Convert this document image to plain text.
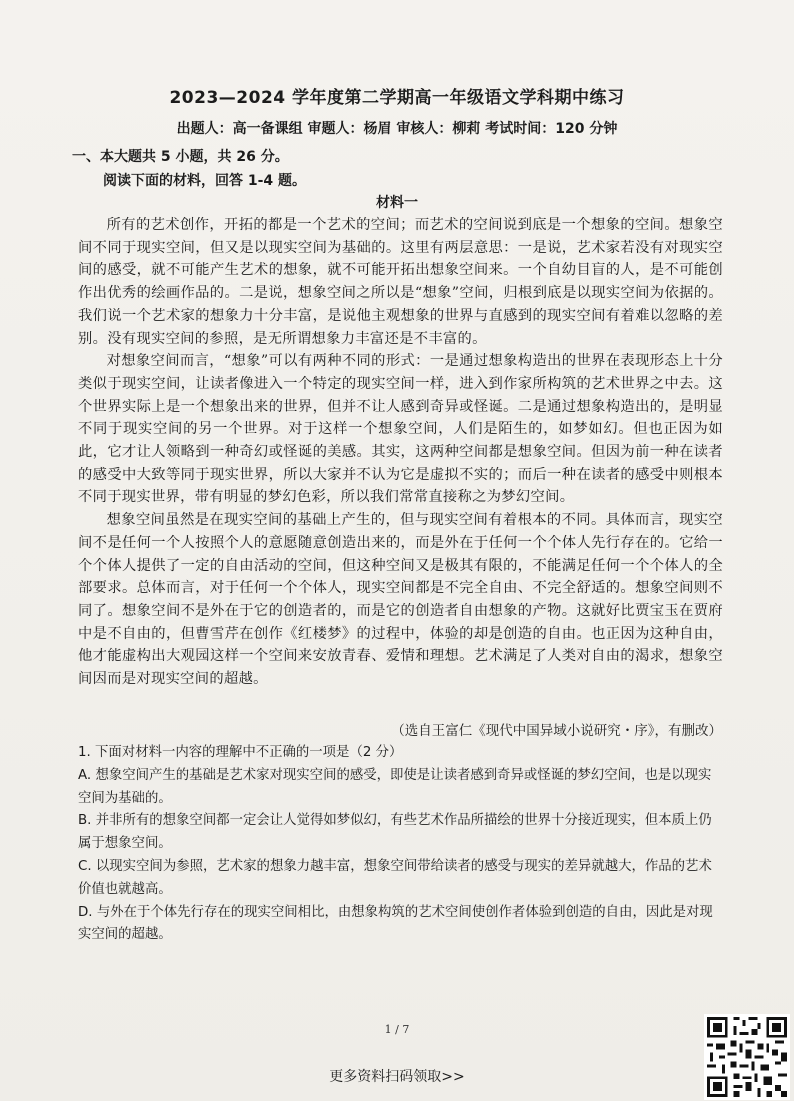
2023—2024 学年度第二学期高一年级语文学科期中练习
出题人：高一备课组 审题人：杨眉 审核人：柳莉 考试时间：120 分钟
一、本大题共 5 小题，共 26 分。
阅读下面的材料，回答 1-4 题。
材料一

所有的艺术创作，开拓的都是一个艺术的空间；而艺术的空间说到底是一个想象的空间。想象空间不同于现实空间，但又是以现实空间为基础的。这里有两层意思：一是说，艺术家若没有对现实空间的感受，就不可能产生艺术的想象，就不可能开拓出想象空间来。一个自幼目盲的人，是不可能创作出优秀的绘画作品的。二是说，想象空间之所以是“想象”空间，归根到底是以现实空间为依据的。我们说一个艺术家的想象力十分丰富，是说他主观想象的世界与直感到的现实空间有着难以忽略的差别。没有现实空间的参照，是无所谓想象力丰富还是不丰富的。

对想象空间而言，“想象”可以有两种不同的形式：一是通过想象构造出的世界在表现形态上十分类似于现实空间，让读者像进入一个特定的现实空间一样，进入到作家所构筑的艺术世界之中去。这个世界实际上是一个想象出来的世界，但并不让人感到奇异或怪诞。二是通过想象构造出的，是明显不同于现实空间的另一个世界。对于这样一个想象空间，人们是陌生的，如梦如幻。但也正因为如此，它才让人领略到一种奇幻或怪诞的美感。其实，这两种空间都是想象空间。但因为前一种在读者的感受中大致等同于现实世界，所以大家并不认为它是虚拟不实的；而后一种在读者的感受中则根本不同于现实世界，带有明显的梦幻色彩，所以我们常常直接称之为梦幻空间。

想象空间虽然是在现实空间的基础上产生的，但与现实空间有着根本的不同。具体而言，现实空间不是任何一个人按照个人的意愿随意创造出来的，而是外在于任何一个个体人先行存在的。它给一个个体人提供了一定的自由活动的空间，但这种空间又是极其有限的，不能满足任何一个个体人的全部要求。总体而言，对于任何一个个体人，现实空间都是不完全自由、不完全舒适的。想象空间则不同了。想象空间不是外在于它的创造者的，而是它的创造者自由想象的产物。这就好比贾宝玉在贾府中是不自由的，但曹雪芹在创作《红楼梦》的过程中，体验的却是创造的自由。也正因为这种自由，他才能虚构出大观园这样一个空间来安放青春、爱情和理想。艺术满足了人类对自由的渴求，想象空间因而是对现实空间的超越。

（选自王富仁《现代中国异域小说研究・序》，有删改）
1. 下面对材料一内容的理解中不正确的一项是（2 分）
A. 想象空间产生的基础是艺术家对现实空间的感受，即使是让读者感到奇异或怪诞的梦幻空间，也是以现实空间为基础的。
B. 并非所有的想象空间都一定会让人觉得如梦似幻，有些艺术作品所描绘的世界十分接近现实，但本质上仍属于想象空间。
C. 以现实空间为参照，艺术家的想象力越丰富，想象空间带给读者的感受与现实的差异就越大，作品的艺术价值也就越高。
D. 与外在于个体先行存在的现实空间相比，由想象构筑的艺术空间使创作者体验到创造的自由，因此是对现实空间的超越。
1 / 7
更多资料扫码领取>>
